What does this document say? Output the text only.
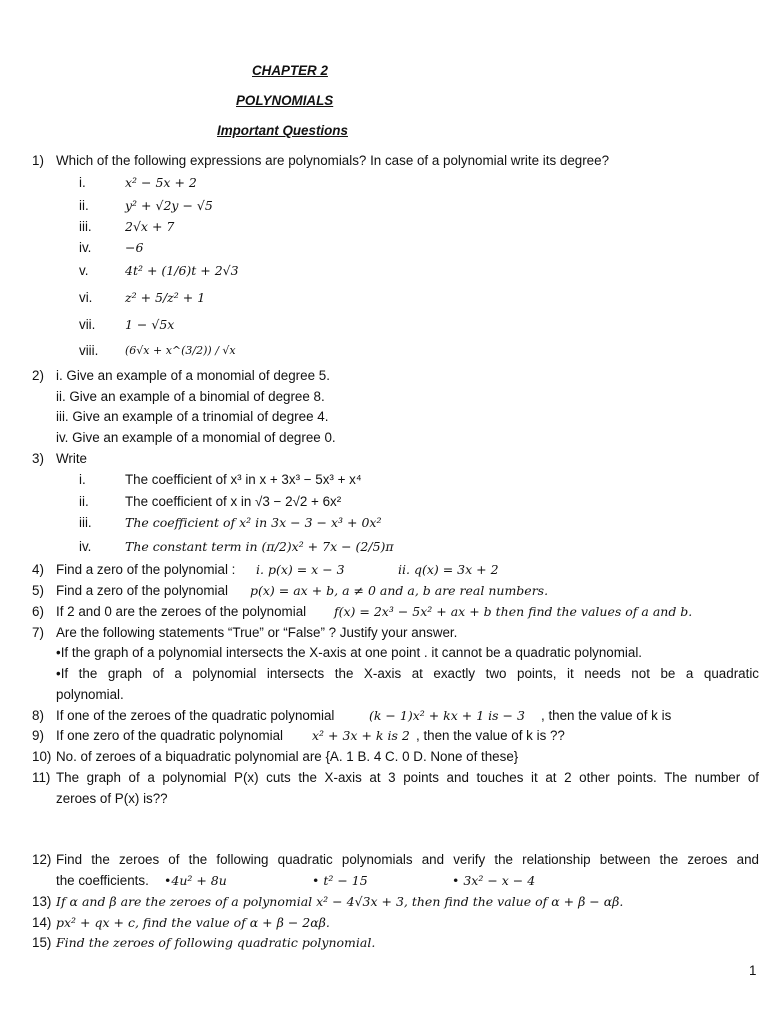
CHAPTER 2
POLYNOMIALS
Important Questions
1) Which of the following expressions are polynomials? In case of a polynomial write its degree?
i.	x² − 5x + 2
ii.	y² + √2y − √5
iii.	2√x + 7
iv.	−6
v.	4t² + (1/6)t + 2√3
vi.	z² + 5/z² + 1
vii. 1 − √5x
viii. (6√x + x^(3/2)) / √x
2) i. Give an example of a monomial of degree 5.
ii. Give an example of a binomial of degree 8.
iii. Give an example of a trinomial of degree 4.
iv. Give an example of a monomial of degree 0.
3) Write
i.	The coefficient of x³ in x + 3x³ − 5x³ + x⁴
ii.	The coefficient of x in √3 − 2√2 + 6x²
iii.	The coefficient of x² in 3x − 3 − x³ + 0x²
iv.	The constant term in (π/2)x² + 7x − (2/5)π
4) Find a zero of the polynomial : i. p(x) = x − 3	ii. q(x) = 3x + 2
5) Find a zero of the polynomial p(x) = ax + b, a ≠ 0 and a, b are real numbers.
6) If 2 and 0 are the zeroes of the polynomial f(x) = 2x³ − 5x² + ax + b then find the values of a and b.
7) Are the following statements “True” or “False” ? Justify your answer.
•If the graph of a polynomial intersects the X-axis at one point . it cannot be a quadratic polynomial.
•If the graph of a polynomial intersects the X-axis at exactly two points, it needs not be a quadratic
polynomial.
8) If one of the zeroes of the quadratic polynomial	(k − 1)x² + kx + 1 is − 3 , then the value of k is
9) If one zero of the quadratic polynomial x² + 3x + k is 2 , then the value of k is ??
10) No. of zeroes of a biquadratic polynomial are {A. 1 B. 4 C. 0 D. None of these}
11) The graph of a polynomial P(x) cuts the X-axis at 3 points and touches it at 2 other points. The number of
zeroes of P(x) is??
12) Find the zeroes of the following quadratic polynomials and verify the relationship between the zeroes and
the coefficients. •4u² + 8u	• t² − 15	• 3x² − x − 4
13) If α and β are the zeroes of a polynomial x² − 4√3x + 3, then find the value of α + β − αβ.
14) px² + qx + c, find the value of α + β − 2αβ.
15) Find the zeroes of following quadratic polynomial.
1
